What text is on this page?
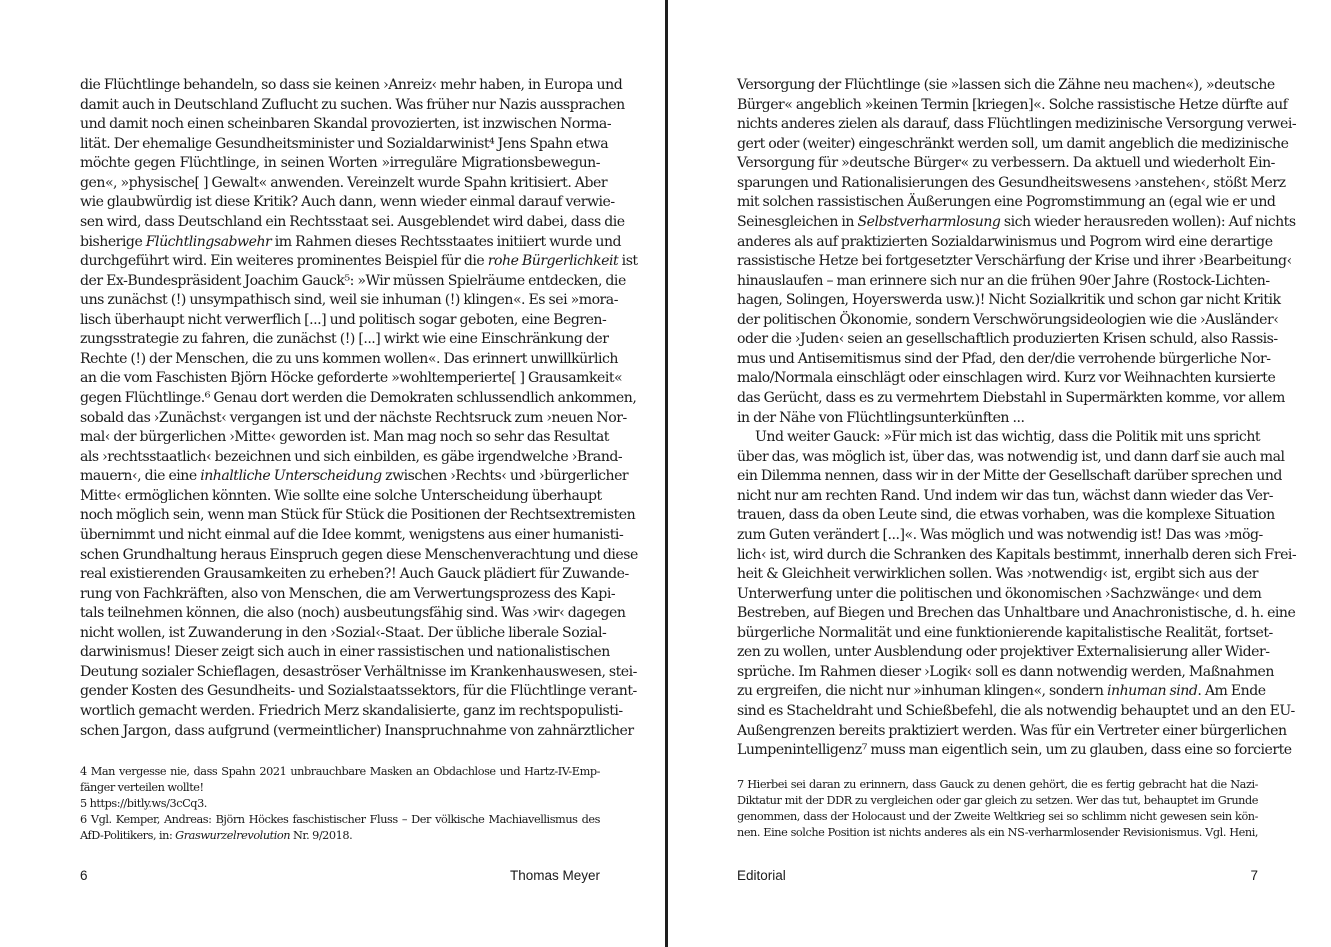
die Flüchtlinge behandeln, so dass sie keinen ›Anreiz‹ mehr haben, in Europa und
damit auch in Deutschland Zuflucht zu suchen. Was früher nur Nazis aussprachen
und damit noch einen scheinbaren Skandal provozierten, ist inzwischen Norma-
lität. Der ehemalige Gesundheitsminister und Sozialdarwinist⁴ Jens Spahn etwa
möchte gegen Flüchtlinge, in seinen Worten »irreguläre Migrationsbewegun-
gen«, »physische[ ] Gewalt« anwenden. Vereinzelt wurde Spahn kritisiert. Aber
wie glaubwürdig ist diese Kritik? Auch dann, wenn wieder einmal darauf verwie-
sen wird, dass Deutschland ein Rechtsstaat sei. Ausgeblendet wird dabei, dass die
bisherige Flüchtlingsabwehr im Rahmen dieses Rechtsstaates initiiert wurde und
durchgeführt wird. Ein weiteres prominentes Beispiel für die rohe Bürgerlichkeit ist
der Ex-Bundespräsident Joachim Gauck⁵: »Wir müssen Spielräume entdecken, die
uns zunächst (!) unsympathisch sind, weil sie inhuman (!) klingen«. Es sei »mora-
lisch überhaupt nicht verwerflich [...] und politisch sogar geboten, eine Begren-
zungsstrategie zu fahren, die zunächst (!) [...] wirkt wie eine Einschränkung der
Rechte (!) der Menschen, die zu uns kommen wollen«. Das erinnert unwillkürlich
an die vom Faschisten Björn Höcke geforderte »wohltemperierte[ ] Grausamkeit«
gegen Flüchtlinge.⁶ Genau dort werden die Demokraten schlussendlich ankommen,
sobald das ›Zunächst‹ vergangen ist und der nächste Rechtsruck zum ›neuen Nor-
mal‹ der bürgerlichen ›Mitte‹ geworden ist. Man mag noch so sehr das Resultat
als ›rechtsstaatlich‹ bezeichnen und sich einbilden, es gäbe irgendwelche ›Brand-
mauern‹, die eine inhaltliche Unterscheidung zwischen ›Rechts‹ und ›bürgerlicher
Mitte‹ ermöglichen könnten. Wie sollte eine solche Unterscheidung überhaupt
noch möglich sein, wenn man Stück für Stück die Positionen der Rechtsextremisten
übernimmt und nicht einmal auf die Idee kommt, wenigstens aus einer humanisti-
schen Grundhaltung heraus Einspruch gegen diese Menschenverachtung und diese
real existierenden Grausamkeiten zu erheben?! Auch Gauck plädiert für Zuwande-
rung von Fachkräften, also von Menschen, die am Verwertungsprozess des Kapi-
tals teilnehmen können, die also (noch) ausbeutungsfähig sind. Was ›wir‹ dagegen
nicht wollen, ist Zuwanderung in den ›Sozial‹-Staat. Der übliche liberale Sozial-
darwinismus! Dieser zeigt sich auch in einer rassistischen und nationalistischen
Deutung sozialer Schieflagen, desaströser Verhältnisse im Krankenhauswesen, stei-
gender Kosten des Gesundheits- und Sozialstaatssektors, für die Flüchtlinge verant-
wortlich gemacht werden. Friedrich Merz skandalisierte, ganz im rechtspopulisti-
schen Jargon, dass aufgrund (vermeintlicher) Inanspruchnahme von zahnärztlicher
4 Man vergesse nie, dass Spahn 2021 unbrauchbare Masken an Obdachlose und Hartz-IV-Emp-
fänger verteilen wollte!
5 https://bitly.ws/3cCq3.
6 Vgl. Kemper, Andreas: Björn Höckes faschistischer Fluss – Der völkische Machiavellismus des
AfD-Politikers, in: Graswurzelrevolution Nr. 9/2018.
6	Thomas Meyer
Versorgung der Flüchtlinge (sie »lassen sich die Zähne neu machen«), »deutsche
Bürger« angeblich »keinen Termin [kriegen]«. Solche rassistische Hetze dürfte auf
nichts anderes zielen als darauf, dass Flüchtlingen medizinische Versorgung verwei-
gert oder (weiter) eingeschränkt werden soll, um damit angeblich die medizinische
Versorgung für »deutsche Bürger« zu verbessern. Da aktuell und wiederholt Ein-
sparungen und Rationalisierungen des Gesundheitswesens ›anstehen‹, stößt Merz
mit solchen rassistischen Äußerungen eine Pogromstimmung an (egal wie er und
Seinesgleichen in Selbstverharmlosung sich wieder herausreden wollen): Auf nichts
anderes als auf praktizierten Sozialdarwinismus und Pogrom wird eine derartige
rassistische Hetze bei fortgesetzter Verschärfung der Krise und ihrer ›Bearbeitung‹
hinauslaufen – man erinnere sich nur an die frühen 90er Jahre (Rostock-Lichten-
hagen, Solingen, Hoyerswerda usw.)! Nicht Sozialkritik und schon gar nicht Kritik
der politischen Ökonomie, sondern Verschwörungsideologien wie die ›Ausländer‹
oder die ›Juden‹ seien an gesellschaftlich produzierten Krisen schuld, also Rassis-
mus und Antisemitismus sind der Pfad, den der/die verrohende bürgerliche Nor-
malo/Normala einschlägt oder einschlagen wird. Kurz vor Weihnachten kursierte
das Gerücht, dass es zu vermehrtem Diebstahl in Supermärkten komme, vor allem
in der Nähe von Flüchtlingsunterkünften ...
Und weiter Gauck: »Für mich ist das wichtig, dass die Politik mit uns spricht
über das, was möglich ist, über das, was notwendig ist, und dann darf sie auch mal
ein Dilemma nennen, dass wir in der Mitte der Gesellschaft darüber sprechen und
nicht nur am rechten Rand. Und indem wir das tun, wächst dann wieder das Ver-
trauen, dass da oben Leute sind, die etwas vorhaben, was die komplexe Situation
zum Guten verändert [...]«. Was möglich und was notwendig ist! Das was ›mög-
lich‹ ist, wird durch die Schranken des Kapitals bestimmt, innerhalb deren sich Frei-
heit & Gleichheit verwirklichen sollen. Was ›notwendig‹ ist, ergibt sich aus der
Unterwerfung unter die politischen und ökonomischen ›Sachzwänge‹ und dem
Bestreben, auf Biegen und Brechen das Unhaltbare und Anachronistische, d. h. eine
bürgerliche Normalität und eine funktionierende kapitalistische Realität, fortset-
zen zu wollen, unter Ausblendung oder projektiver Externalisierung aller Wider-
sprüche. Im Rahmen dieser ›Logik‹ soll es dann notwendig werden, Maßnahmen
zu ergreifen, die nicht nur »inhuman klingen«, sondern inhuman sind. Am Ende
sind es Stacheldraht und Schießbefehl, die als notwendig behauptet und an den EU-
Außengrenzen bereits praktiziert werden. Was für ein Vertreter einer bürgerlichen
Lumpenintelligenz⁷ muss man eigentlich sein, um zu glauben, dass eine so forcierte
7 Hierbei sei daran zu erinnern, dass Gauck zu denen gehört, die es fertig gebracht hat die Nazi-
Diktatur mit der DDR zu vergleichen oder gar gleich zu setzen. Wer das tut, behauptet im Grunde
genommen, dass der Holocaust und der Zweite Weltkrieg sei so schlimm nicht gewesen sein kön-
nen. Eine solche Position ist nichts anderes als ein NS-verharmlosender Revisionismus. Vgl. Heni,
Editorial	7
